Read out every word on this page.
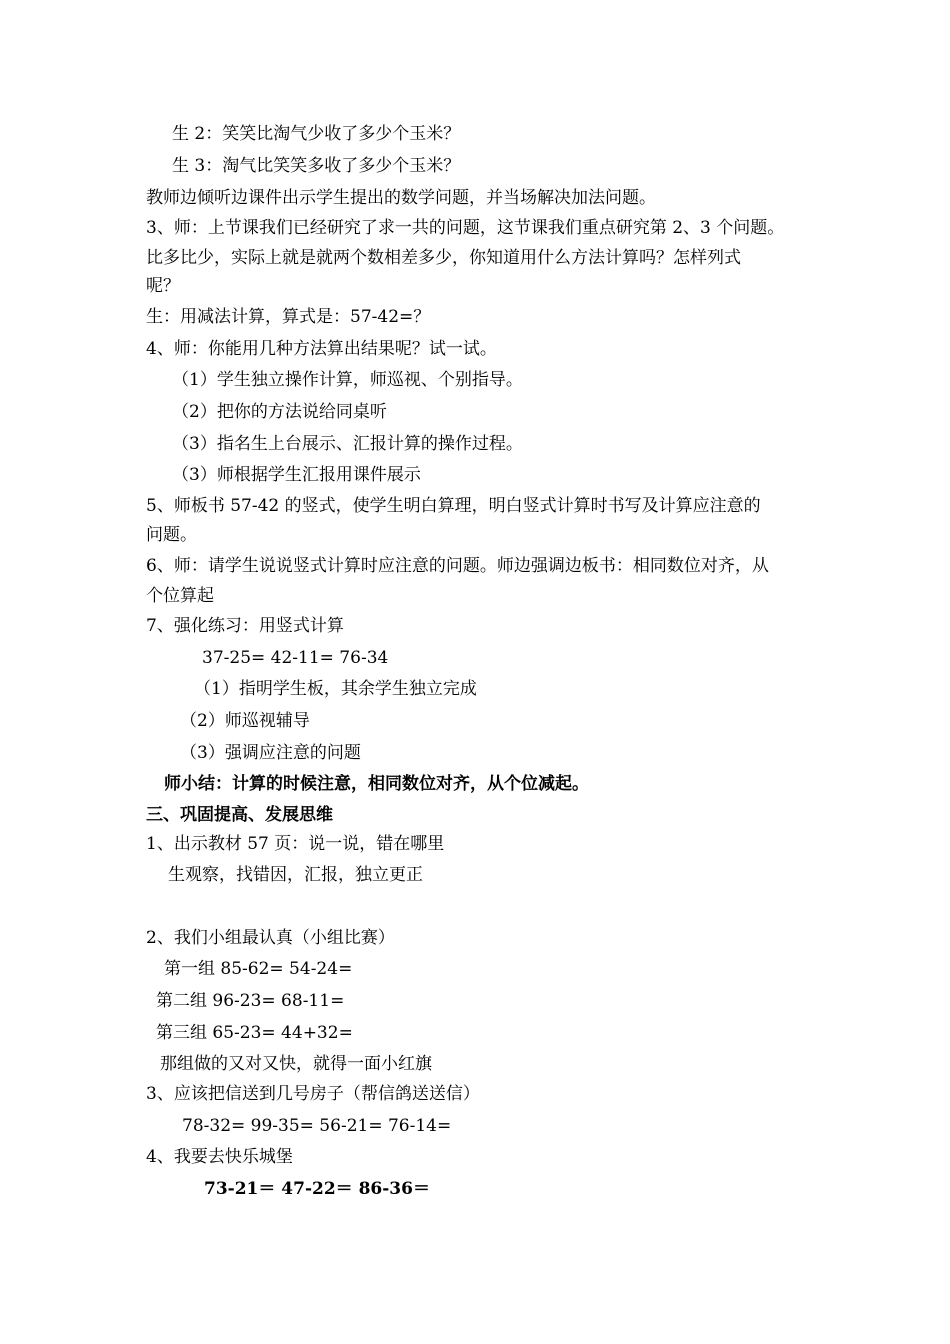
生 2：笑笑比淘气少收了多少个玉米？
生 3：淘气比笑笑多收了多少个玉米？
教师边倾听边课件出示学生提出的数学问题，并当场解决加法问题。
3、师：上节课我们已经研究了求一共的问题，这节课我们重点研究第 2、3 个问题。
比多比少，实际上就是就两个数相差多少，你知道用什么方法计算吗？怎样列式
呢？
生：用减法计算，算式是：57-42=？
4、师：你能用几种方法算出结果呢？试一试。
（1）学生独立操作计算，师巡视、个别指导。
（2）把你的方法说给同桌听
（3）指名生上台展示、汇报计算的操作过程。
（3）师根据学生汇报用课件展示
5、师板书 57-42 的竖式，使学生明白算理，明白竖式计算时书写及计算应注意的
问题。
6、师：请学生说说竖式计算时应注意的问题。师边强调边板书：相同数位对齐，从
个位算起
7、强化练习：用竖式计算
37-25= 42-11= 76-34
（1）指明学生板，其余学生独立完成
（2）师巡视辅导
（3）强调应注意的问题
师小结：计算的时候注意，相同数位对齐，从个位减起。
三、巩固提高、发展思维
1、出示教材 57 页：说一说，错在哪里
生观察，找错因，汇报，独立更正
2、我们小组最认真（小组比赛）
第一组 85-62= 54-24=
第二组 96-23= 68-11=
第三组 65-23= 44+32=
那组做的又对又快，就得一面小红旗
3、应该把信送到几号房子（帮信鸽送送信）
78-32= 99-35= 56-21= 76-14=
4、我要去快乐城堡
73-21＝ 47-22＝ 86-36＝
